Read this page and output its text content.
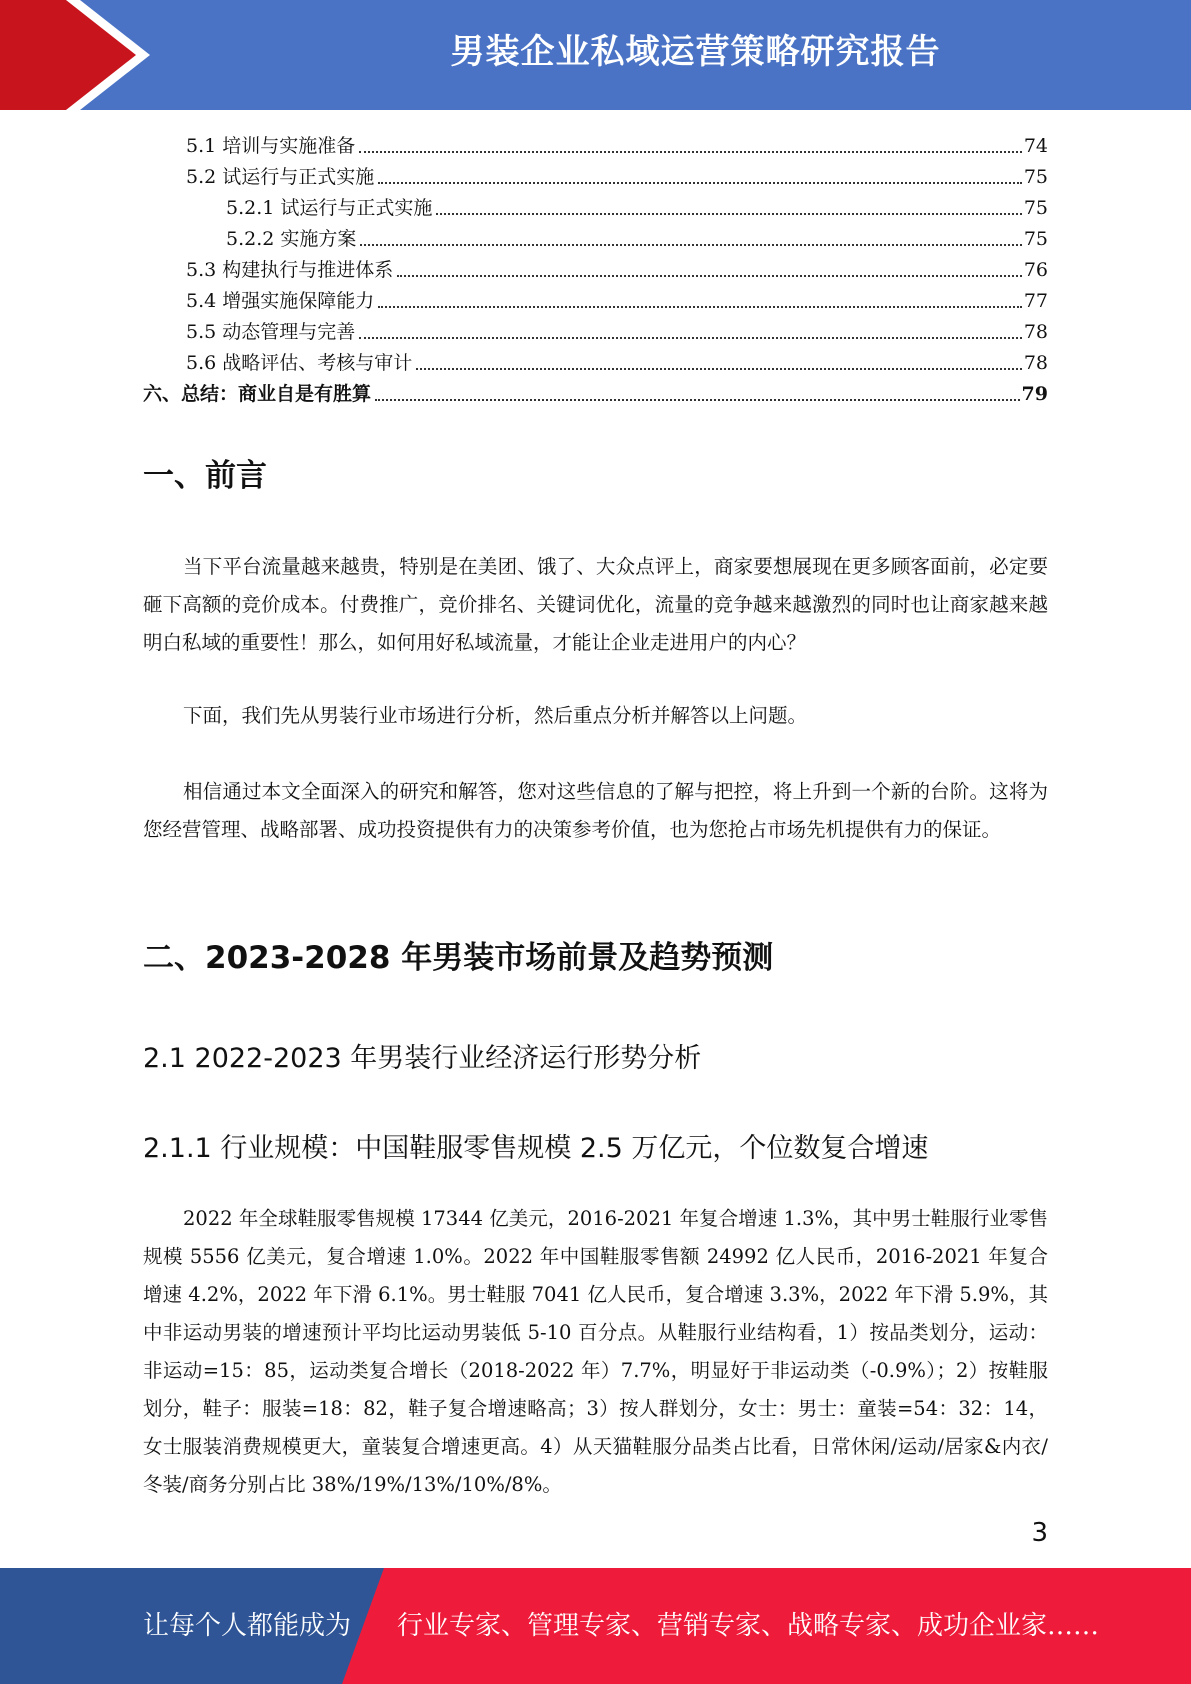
男装企业私域运营策略研究报告
5.1 培训与实施准备	74
5.2 试运行与正式实施	75
5.2.1 试运行与正式实施	75
5.2.2 实施方案	75
5.3 构建执行与推进体系	76
5.4 增强实施保障能力	77
5.5 动态管理与完善	78
5.6 战略评估、考核与审计	78
六、总结：商业自是有胜算	79
一、前言

当下平台流量越来越贵，特别是在美团、饿了、大众点评上，商家要想展现在更多顾客面前，必定要砸下高额的竞价成本。付费推广，竞价排名、关键词优化，流量的竞争越来越激烈的同时也让商家越来越明白私域的重要性！那么，如何用好私域流量，才能让企业走进用户的内心？

下面，我们先从男装行业市场进行分析，然后重点分析并解答以上问题。

相信通过本文全面深入的研究和解答，您对这些信息的了解与把控，将上升到一个新的台阶。这将为您经营管理、战略部署、成功投资提供有力的决策参考价值，也为您抢占市场先机提供有力的保证。

二、2023-2028 年男装市场前景及趋势预测
2.1 2022-2023 年男装行业经济运行形势分析
2.1.1 行业规模：中国鞋服零售规模 2.5 万亿元，个位数复合增速

2022 年全球鞋服零售规模 17344 亿美元，2016-2021 年复合增速 1.3%，其中男士鞋服行业零售规模 5556 亿美元，复合增速 1.0%。2022 年中国鞋服零售额 24992 亿人民币，2016-2021 年复合增速 4.2%，2022 年下滑 6.1%。男士鞋服 7041 亿人民币，复合增速 3.3%，2022 年下滑 5.9%，其中非运动男装的增速预计平均比运动男装低 5-10 百分点。从鞋服行业结构看，1）按品类划分，运动：非运动=15：85，运动类复合增长（2018-2022 年）7.7%，明显好于非运动类（-0.9%）；2）按鞋服划分，鞋子：服装=18：82，鞋子复合增速略高；3）按人群划分，女士：男士：童装=54：32：14，女士服装消费规模更大，童装复合增速更高。4）从天猫鞋服分品类占比看，日常休闲/运动/居家&内衣/冬装/商务分别占比 38%/19%/13%/10%/8%。

3
让每个人都能成为 行业专家、管理专家、营销专家、战略专家、成功企业家……
